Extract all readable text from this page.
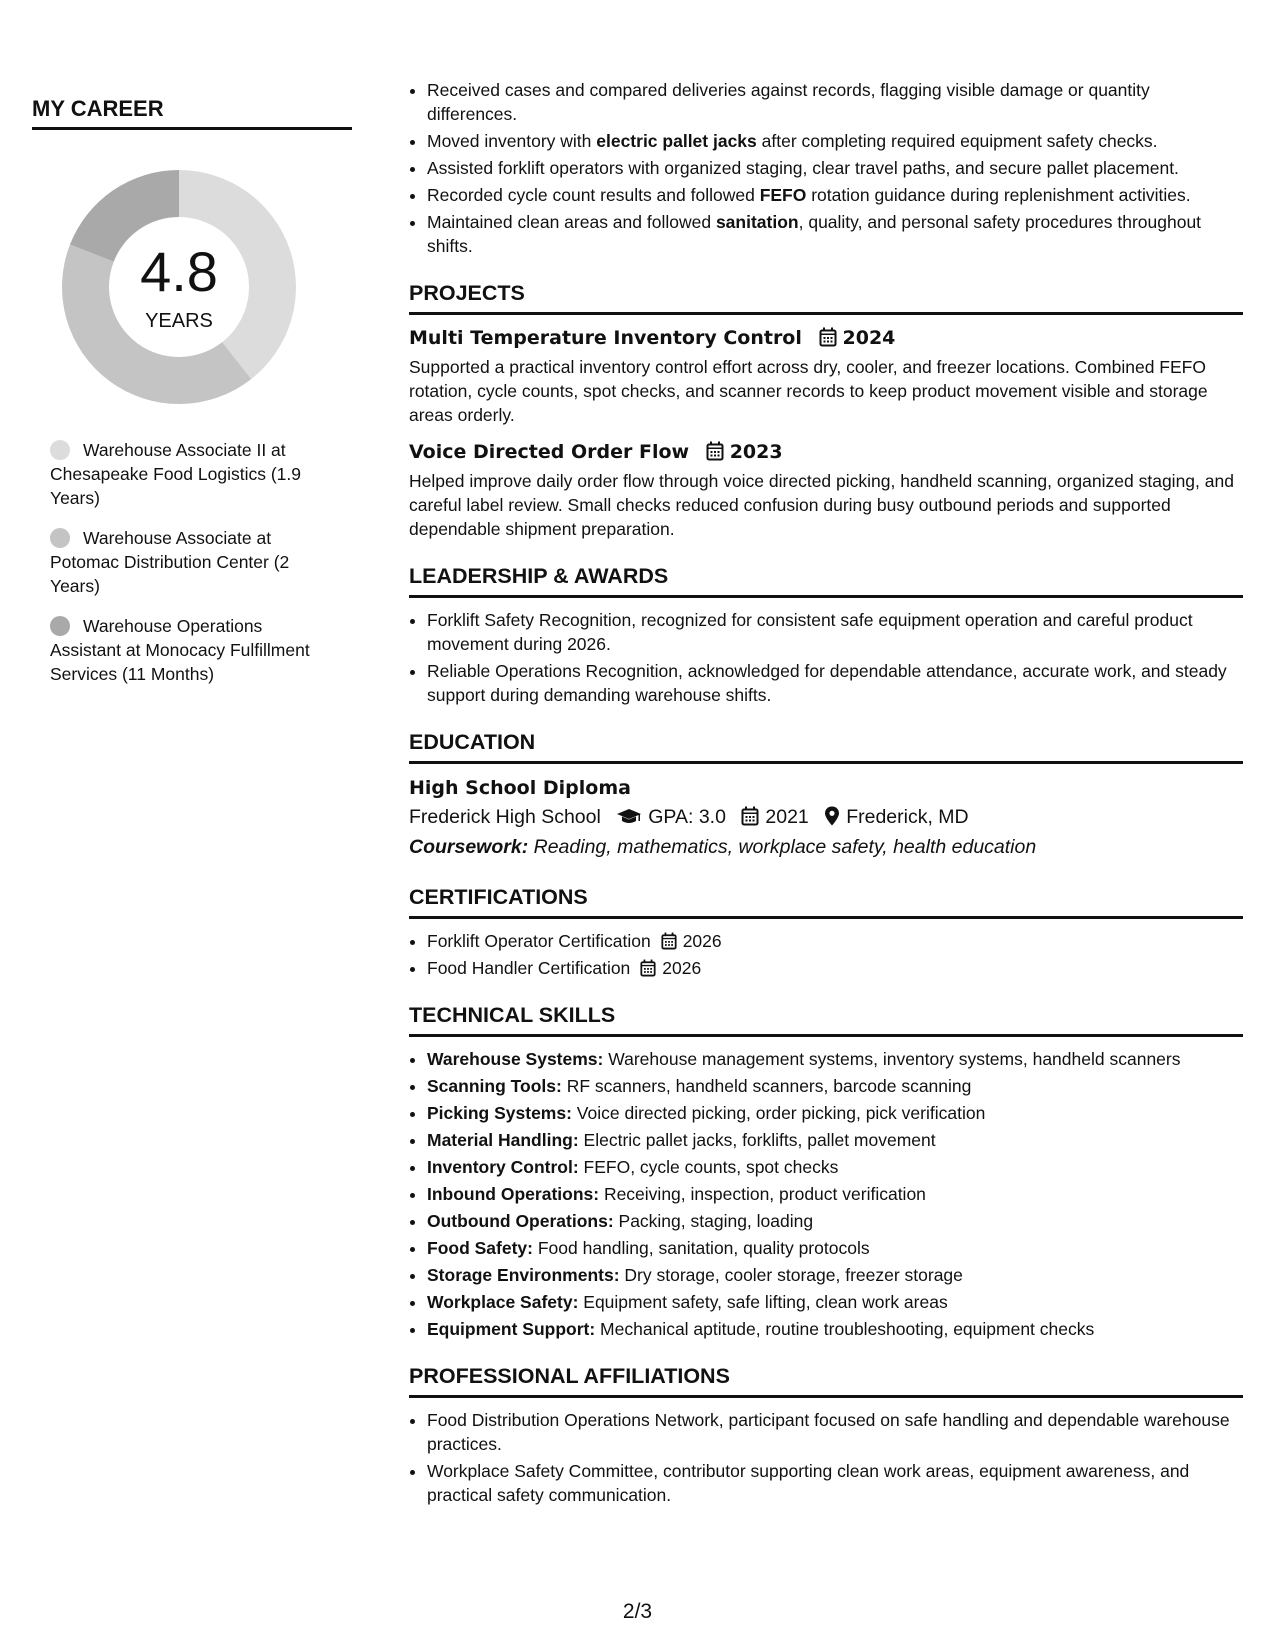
MY CAREER
4.8
YEARS
Warehouse Associate II at Chesapeake Food Logistics (1.9 Years)
Warehouse Associate at Potomac Distribution Center (2 Years)
Warehouse Operations Assistant at Monocacy Fulfillment Services (11 Months)
• Received cases and compared deliveries against records, flagging visible damage or quantity differences.
• Moved inventory with electric pallet jacks after completing required equipment safety checks.
• Assisted forklift operators with organized staging, clear travel paths, and secure pallet placement.
• Recorded cycle count results and followed FEFO rotation guidance during replenishment activities.
• Maintained clean areas and followed sanitation, quality, and personal safety procedures throughout shifts.
PROJECTS
Multi Temperature Inventory Control 2024

Supported a practical inventory control effort across dry, cooler, and freezer locations. Combined FEFO rotation, cycle counts, spot checks, and scanner records to keep product movement visible and storage areas orderly.

Voice Directed Order Flow 2023

Helped improve daily order flow through voice directed picking, handheld scanning, organized staging, and careful label review. Small checks reduced confusion during busy outbound periods and supported dependable shipment preparation.

LEADERSHIP & AWARDS
• Forklift Safety Recognition, recognized for consistent safe equipment operation and careful product movement during 2026.
• Reliable Operations Recognition, acknowledged for dependable attendance, accurate work, and steady support during demanding warehouse shifts.
EDUCATION
High School Diploma
Frederick High School GPA: 3.0 2021 Frederick, MD
Coursework: Reading, mathematics, workplace safety, health education
CERTIFICATIONS
• Forklift Operator Certification 2026
• Food Handler Certification 2026
TECHNICAL SKILLS
• Warehouse Systems: Warehouse management systems, inventory systems, handheld scanners
• Scanning Tools: RF scanners, handheld scanners, barcode scanning
• Picking Systems: Voice directed picking, order picking, pick verification
• Material Handling: Electric pallet jacks, forklifts, pallet movement
• Inventory Control: FEFO, cycle counts, spot checks
• Inbound Operations: Receiving, inspection, product verification
• Outbound Operations: Packing, staging, loading
• Food Safety: Food handling, sanitation, quality protocols
• Storage Environments: Dry storage, cooler storage, freezer storage
• Workplace Safety: Equipment safety, safe lifting, clean work areas
• Equipment Support: Mechanical aptitude, routine troubleshooting, equipment checks
PROFESSIONAL AFFILIATIONS
• Food Distribution Operations Network, participant focused on safe handling and dependable warehouse practices.
• Workplace Safety Committee, contributor supporting clean work areas, equipment awareness, and practical safety communication.
2/3
